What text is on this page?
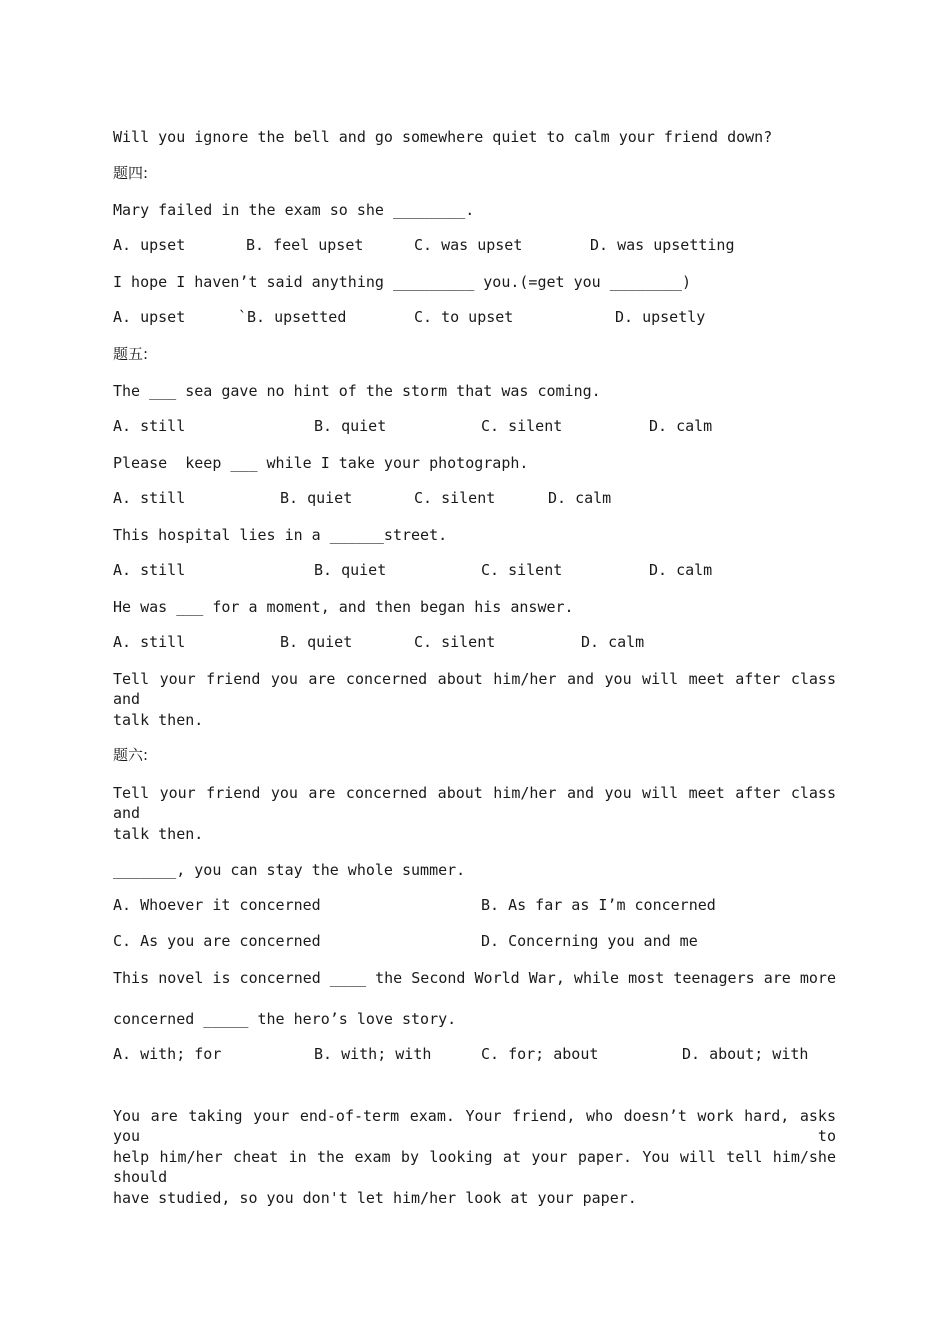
Will you ignore the bell and go somewhere quiet to calm your friend down?
题四:
Mary failed in the exam so she ________.
A. upset	B. feel upset	C. was upset	D. was upsetting
I hope I haven’t said anything _________ you.(=get you ________)
A. upset	`B. upsetted	C. to upset	D. upsetly
题五:
The ___ sea gave no hint of the storm that was coming.
A. still	B. quiet	C. silent	D. calm
Please  keep ___ while I take your photograph.
A. still	B. quiet	C. silent	D. calm
This hospital lies in a ______street.
A. still	B. quiet	C. silent	D. calm
He was ___ for a moment, and then began his answer.
A. still	B. quiet	C. silent	D. calm
Tell your friend you are concerned about him/her and you will meet after class and
talk then.
题六:
Tell your friend you are concerned about him/her and you will meet after class and
talk then.
_______, you can stay the whole summer.
A. Whoever it concerned	B. As far as I’m concerned
C. As you are concerned	D. Concerning you and me
This novel is concerned ____ the Second World War, while most teenagers are more
concerned _____ the hero’s love story.
A. with; for	B. with; with	C. for; about	D. about; with
You are taking your end-of-term exam. Your friend, who doesn’t work hard, asks you to
help him/her cheat in the exam by looking at your paper. You will tell him/she should
have studied, so you don't let him/her look at your paper.
